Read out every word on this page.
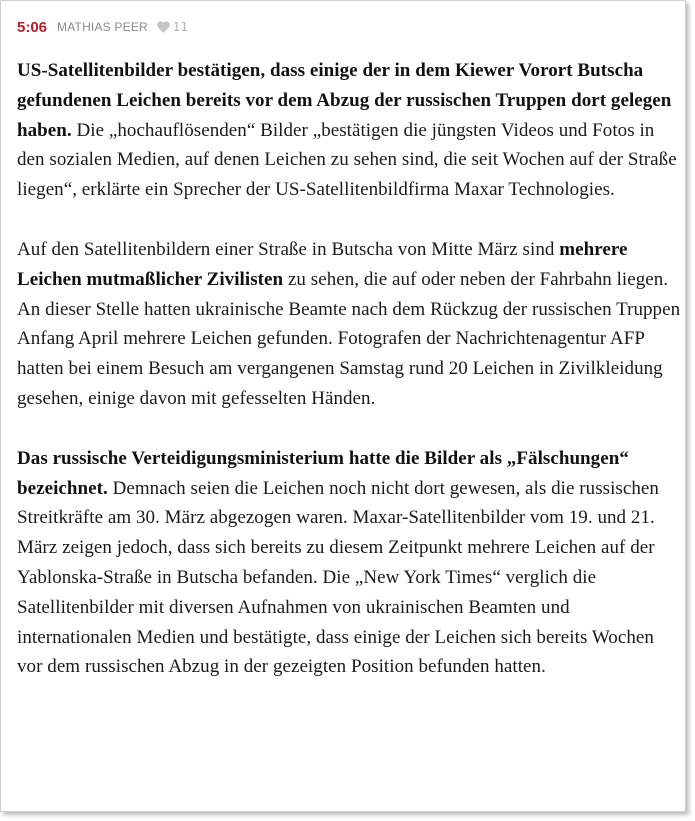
5:06 MATHIAS PEER 11

US-Satellitenbilder bestätigen, dass einige der in dem Kiewer Vorort Butscha gefundenen Leichen bereits vor dem Abzug der russischen Truppen dort gelegen haben. Die „hochauflösenden“ Bilder „bestätigen die jüngsten Videos und Fotos in den sozialen Medien, auf denen Leichen zu sehen sind, die seit Wochen auf der Straße liegen“, erklärte ein Sprecher der US-Satellitenbildfirma Maxar Technologies.

Auf den Satellitenbildern einer Straße in Butscha von Mitte März sind mehrere Leichen mutmaßlicher Zivilisten zu sehen, die auf oder neben der Fahrbahn liegen. An dieser Stelle hatten ukrainische Beamte nach dem Rückzug der russischen Truppen Anfang April mehrere Leichen gefunden. Fotografen der Nachrichtenagentur AFP hatten bei einem Besuch am vergangenen Samstag rund 20 Leichen in Zivilkleidung gesehen, einige davon mit gefesselten Händen.

Das russische Verteidigungsministerium hatte die Bilder als „Fälschungen“ bezeichnet. Demnach seien die Leichen noch nicht dort gewesen, als die russischen Streitkräfte am 30. März abgezogen waren. Maxar-Satellitenbilder vom 19. und 21. März zeigen jedoch, dass sich bereits zu diesem Zeitpunkt mehrere Leichen auf der Yablonska-Straße in Butscha befanden. Die „New York Times“ verglich die Satellitenbilder mit diversen Aufnahmen von ukrainischen Beamten und internationalen Medien und bestätigte, dass einige der Leichen sich bereits Wochen vor dem russischen Abzug in der gezeigten Position befunden hatten.
